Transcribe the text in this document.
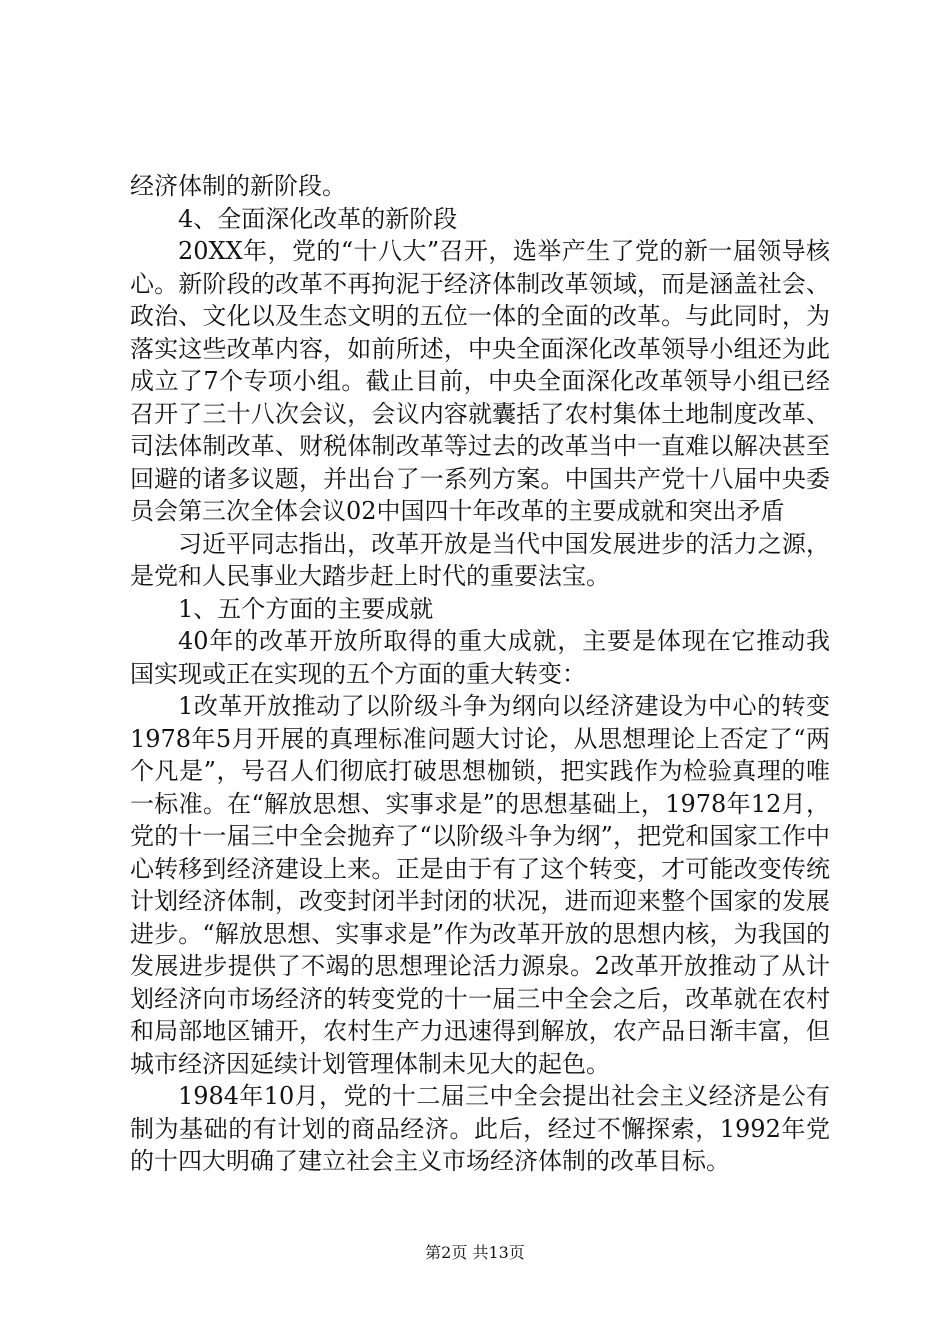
经济体制的新阶段。

4、全面深化改革的新阶段

20XX年，党的“十八大”召开，选举产生了党的新一届领导核心。新阶段的改革不再拘泥于经济体制改革领域，而是涵盖社会、政治、文化以及生态文明的五位一体的全面的改革。与此同时，为落实这些改革内容，如前所述，中央全面深化改革领导小组还为此成立了7个专项小组。截止目前，中央全面深化改革领导小组已经召开了三十八次会议，会议内容就囊括了农村集体土地制度改革、司法体制改革、财税体制改革等过去的改革当中一直难以解决甚至回避的诸多议题，并出台了一系列方案。中国共产党十八届中央委员会第三次全体会议02中国四十年改革的主要成就和突出矛盾

习近平同志指出，改革开放是当代中国发展进步的活力之源，是党和人民事业大踏步赶上时代的重要法宝。

1、五个方面的主要成就

40年的改革开放所取得的重大成就，主要是体现在它推动我国实现或正在实现的五个方面的重大转变：

1改革开放推动了以阶级斗争为纲向以经济建设为中心的转变1978年5月开展的真理标准问题大讨论，从思想理论上否定了“两个凡是”，号召人们彻底打破思想枷锁，把实践作为检验真理的唯一标准。在“解放思想、实事求是”的思想基础上，1978年12月，党的十一届三中全会抛弃了“以阶级斗争为纲”，把党和国家工作中心转移到经济建设上来。正是由于有了这个转变，才可能改变传统计划经济体制，改变封闭半封闭的状况，进而迎来整个国家的发展进步。“解放思想、实事求是”作为改革开放的思想内核，为我国的发展进步提供了不竭的思想理论活力源泉。2改革开放推动了从计划经济向市场经济的转变党的十一届三中全会之后，改革就在农村和局部地区铺开，农村生产力迅速得到解放，农产品日渐丰富，但城市经济因延续计划管理体制未见大的起色。

1984年10月，党的十二届三中全会提出社会主义经济是公有制为基础的有计划的商品经济。此后，经过不懈探索，1992年党的十四大明确了建立社会主义市场经济体制的改革目标。

第2页 共13页
